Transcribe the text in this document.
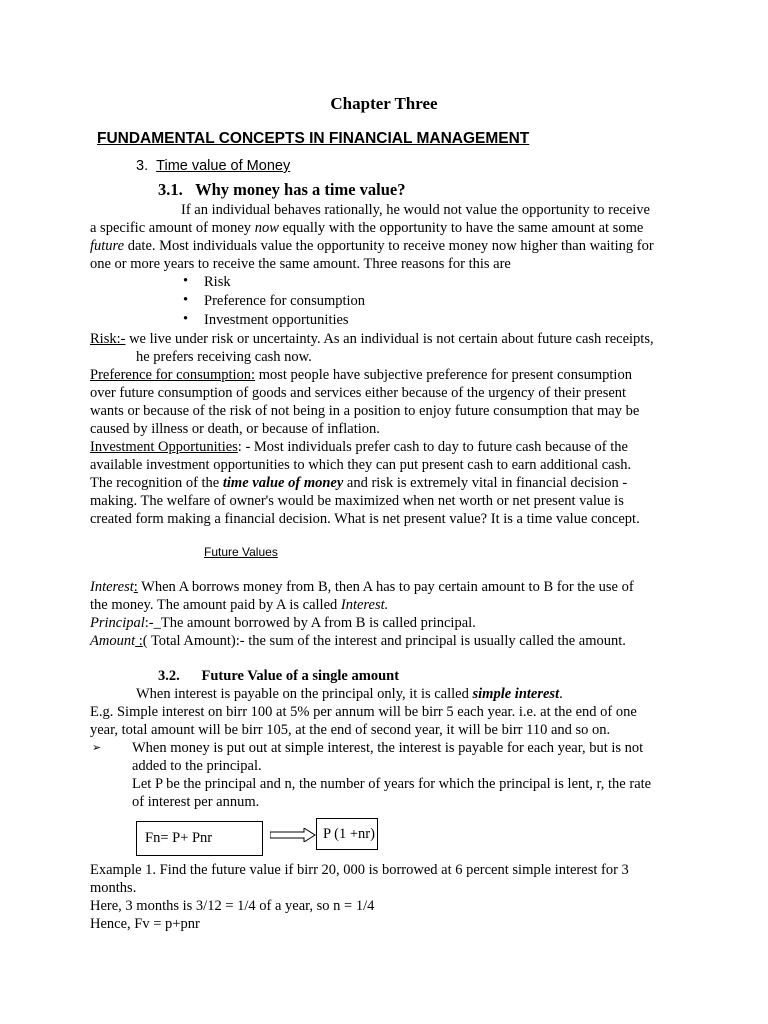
Chapter Three
FUNDAMENTAL CONCEPTS IN FINANCIAL MANAGEMENT
3. Time value of Money
3.1. Why money has a time value?
If an individual behaves rationally, he would not value the opportunity to receive
a specific amount of money now equally with the opportunity to have the same amount at some
future date. Most individuals value the opportunity to receive money now higher than waiting for
one or more years to receive the same amount. Three reasons for this are
• Risk
• Preference for consumption
• Investment opportunities
Risk:- we live under risk or uncertainty. As an individual is not certain about future cash receipts,
he prefers receiving cash now.
Preference for consumption: most people have subjective preference for present consumption
over future consumption of goods and services either because of the urgency of their present
wants or because of the risk of not being in a position to enjoy future consumption that may be
caused by illness or death, or because of inflation.
Investment Opportunities: - Most individuals prefer cash to day to future cash because of the
available investment opportunities to which they can put present cash to earn additional cash.
The recognition of the time value of money and risk is extremely vital in financial decision -
making. The welfare of owner's would be maximized when net worth or net present value is
created form making a financial decision. What is net present value? It is a time value concept.
Future Values
Interest: When A borrows money from B, then A has to pay certain amount to B for the use of
the money. The amount paid by A is called Interest.
Principal:-_The amount borrowed by A from B is called principal.
Amount :( Total Amount):- the sum of the interest and principal is usually called the amount.
3.2. Future Value of a single amount
When interest is payable on the principal only, it is called simple interest.
E.g. Simple interest on birr 100 at 5% per annum will be birr 5 each year. i.e. at the end of one
year, total amount will be birr 105, at the end of second year, it will be birr 110 and so on.
➢ When money is put out at simple interest, the interest is payable for each year, but is not
added to the principal.
Let P be the principal and n, the number of years for which the principal is lent, r, the rate
of interest per annum.
Fn= P+ Pnr	P (1 +nr)
Example 1. Find the future value if birr 20, 000 is borrowed at 6 percent simple interest for 3
months.
Here, 3 months is 3/12 = 1/4 of a year, so n = 1/4
Hence, Fv = p+pnr
